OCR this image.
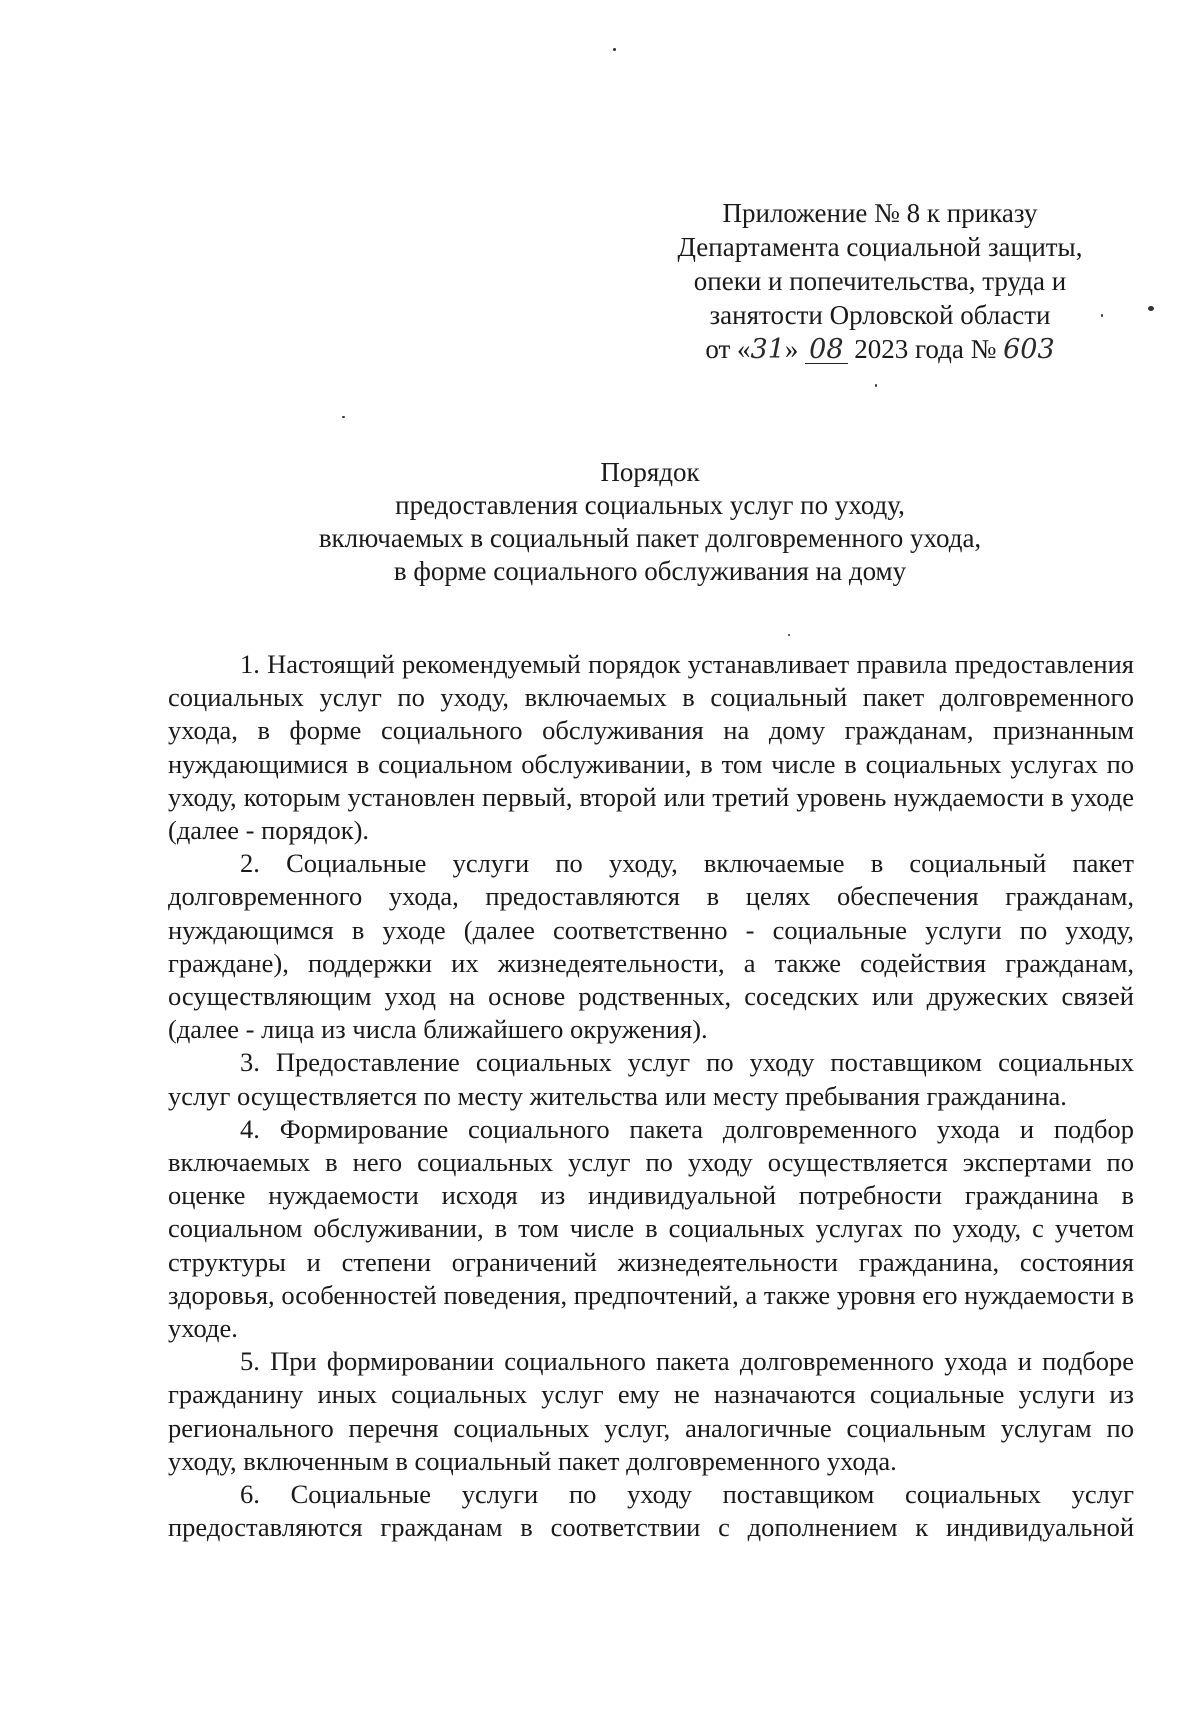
Приложение № 8 к приказу
Департамента социальной защиты,
опеки и попечительства, труда и
занятости Орловской области
от «31» 08 2023 года № 603
Порядок
предоставления социальных услуг по уходу,
включаемых в социальный пакет долговременного ухода,
в форме социального обслуживания на дому

1. Настоящий рекомендуемый порядок устанавливает правила предоставления социальных услуг по уходу, включаемых в социальный пакет долговременного ухода, в форме социального обслуживания на дому гражданам, признанным нуждающимися в социальном обслуживании, в том числе в социальных услугах по уходу, которым установлен первый, второй или третий уровень нуждаемости в уходе (далее - порядок).

2. Социальные услуги по уходу, включаемые в социальный пакет долговременного ухода, предоставляются в целях обеспечения гражданам, нуждающимся в уходе (далее соответственно - социальные услуги по уходу, граждане), поддержки их жизнедеятельности, а также содействия гражданам, осуществляющим уход на основе родственных, соседских или дружеских связей (далее - лица из числа ближайшего окружения).

3. Предоставление социальных услуг по уходу поставщиком социальных услуг осуществляется по месту жительства или месту пребывания гражданина.

4. Формирование социального пакета долговременного ухода и подбор включаемых в него социальных услуг по уходу осуществляется экспертами по оценке нуждаемости исходя из индивидуальной потребности гражданина в социальном обслуживании, в том числе в социальных услугах по уходу, с учетом структуры и степени ограничений жизнедеятельности гражданина, состояния здоровья, особенностей поведения, предпочтений, а также уровня его нуждаемости в уходе.

5. При формировании социального пакета долговременного ухода и подборе гражданину иных социальных услуг ему не назначаются социальные услуги из регионального перечня социальных услуг, аналогичные социальным услугам по уходу, включенным в социальный пакет долговременного ухода.

6. Социальные услуги по уходу поставщиком социальных услуг предоставляются гражданам в соответствии с дополнением к индивидуальной
